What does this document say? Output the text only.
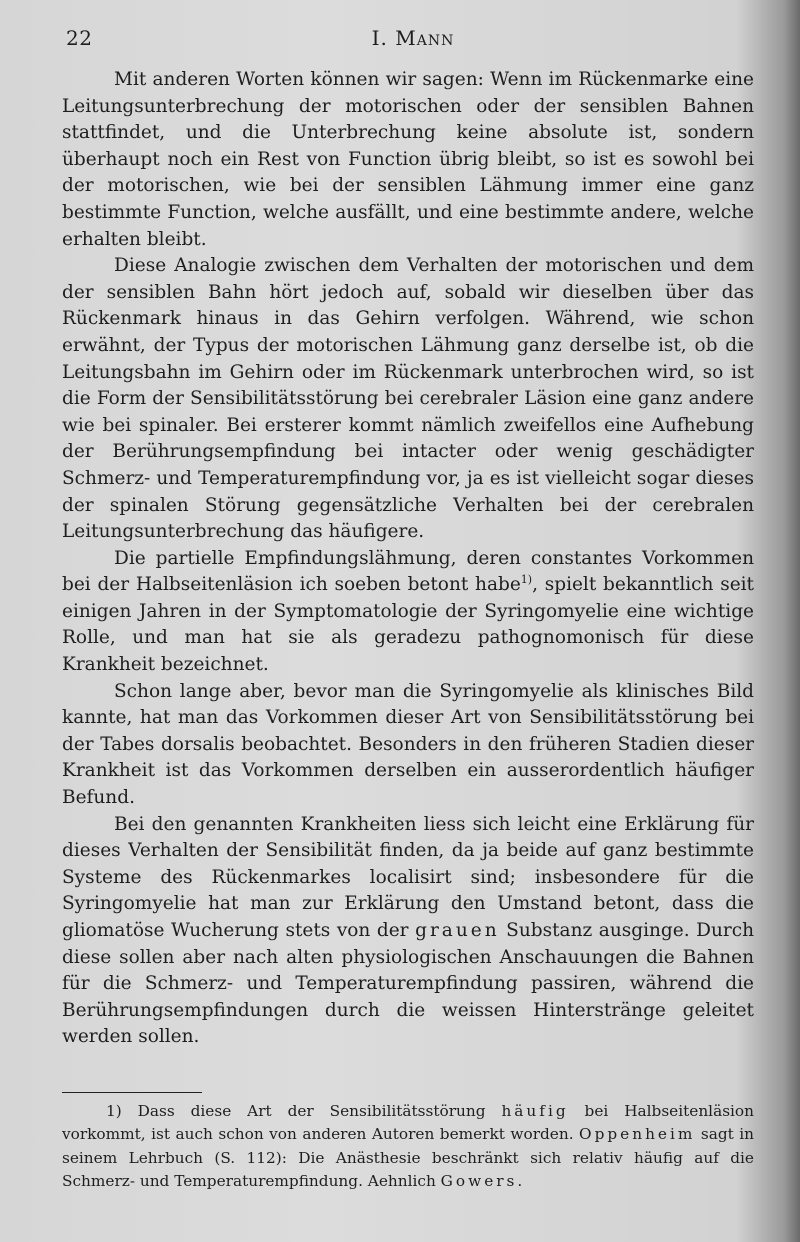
22	I. Mann

Mit anderen Worten können wir sagen: Wenn im Rückenmarke eine Leitungsunterbrechung der motorischen oder der sensiblen Bahnen stattfindet, und die Unterbrechung keine absolute ist, sondern überhaupt noch ein Rest von Function übrig bleibt, so ist es sowohl bei der motorischen, wie bei der sensiblen Lähmung immer eine ganz bestimmte Function, welche ausfällt, und eine bestimmte andere, welche erhalten bleibt.

Diese Analogie zwischen dem Verhalten der motorischen und dem der sensiblen Bahn hört jedoch auf, sobald wir dieselben über das Rückenmark hinaus in das Gehirn verfolgen. Während, wie schon erwähnt, der Typus der motorischen Lähmung ganz derselbe ist, ob die Leitungsbahn im Gehirn oder im Rückenmark unterbrochen wird, so ist die Form der Sensibilitätsstörung bei cerebraler Läsion eine ganz andere wie bei spinaler. Bei ersterer kommt nämlich zweifellos eine Aufhebung der Berührungsempfindung bei intacter oder wenig geschädigter Schmerz- und Temperaturempfindung vor, ja es ist vielleicht sogar dieses der spinalen Störung gegensätzliche Verhalten bei der cerebralen Leitungsunterbrechung das häufigere.

Die partielle Empfindungslähmung, deren constantes Vorkommen bei der Halbseitenläsion ich soeben betont habe$^{1)}$, spielt bekanntlich seit einigen Jahren in der Symptomatologie der Syringomyelie eine wichtige Rolle, und man hat sie als geradezu pathognomonisch für diese Krankheit bezeichnet.

Schon lange aber, bevor man die Syringomyelie als klinisches Bild kannte, hat man das Vorkommen dieser Art von Sensibilitätsstörung bei der Tabes dorsalis beobachtet. Besonders in den früheren Stadien dieser Krankheit ist das Vorkommen derselben ein ausserordentlich häufiger Befund.

Bei den genannten Krankheiten liess sich leicht eine Erklärung für dieses Verhalten der Sensibilität finden, da ja beide auf ganz bestimmte Systeme des Rückenmarkes localisirt sind; insbesondere für die Syringomyelie hat man zur Erklärung den Umstand betont, dass die gliomatöse Wucherung stets von der grauen Substanz ausginge. Durch diese sollen aber nach alten physiologischen Anschauungen die Bahnen für die Schmerz- und Temperaturempfindung passiren, während die Berührungsempfindungen durch die weissen Hinterstränge geleitet werden sollen.

1) Dass diese Art der Sensibilitätsstörung häufig bei Halbseitenläsion vorkommt, ist auch schon von anderen Autoren bemerkt worden. Oppenheim sagt in seinem Lehrbuch (S. 112): Die Anästhesie beschränkt sich relativ häufig auf die Schmerz- und Temperaturempfindung. Aehnlich Gowers.
